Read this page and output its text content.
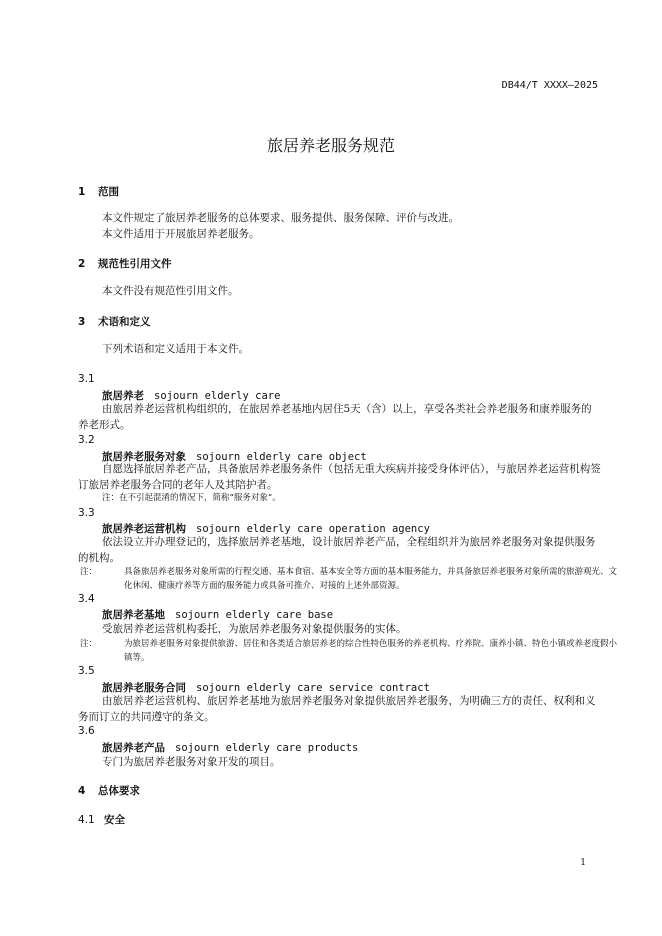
DB44/T XXXX—2025
旅居养老服务规范
1 范围
本文件规定了旅居养老服务的总体要求、服务提供、服务保障、评价与改进。
本文件适用于开展旅居养老服务。
2 规范性引用文件
本文件没有规范性引用文件。
3 术语和定义
下列术语和定义适用于本文件。
3.1
旅居养老 sojourn elderly care
由旅居养老运营机构组织的，在旅居养老基地内居住5天（含）以上，享受各类社会养老服务和康养服务的养老形式。
3.2
旅居养老服务对象 sojourn elderly care object
自愿选择旅居养老产品，具备旅居养老服务条件（包括无重大疾病并接受身体评估），与旅居养老运营机构签订旅居养老服务合同的老年人及其陪护者。
注：在不引起混淆的情况下，简称“服务对象”。
3.3
旅居养老运营机构 sojourn elderly care operation agency
依法设立并办理登记的，选择旅居养老基地，设计旅居养老产品，全程组织并为旅居养老服务对象提供服务的机构。
注：	具备旅居养老服务对象所需的行程交通、基本食宿、基本安全等方面的基本服务能力，并具备旅居养老服务对象所需的旅游观光、文化休闲、健康疗养等方面的服务能力或具备可推介、对接的上述外部资源。
3.4
旅居养老基地 sojourn elderly care base
受旅居养老运营机构委托，为旅居养老服务对象提供服务的实体。
注：	为旅居养老服务对象提供旅游、居住和各类适合旅居养老的综合性特色服务的养老机构、疗养院、康养小镇、特色小镇或养老度假小镇等。
3.5
旅居养老服务合同 sojourn elderly care service contract
由旅居养老运营机构、旅居养老基地为旅居养老服务对象提供旅居养老服务，为明确三方的责任、权利和义务而订立的共同遵守的条文。
3.6
旅居养老产品 sojourn elderly care products
专门为旅居养老服务对象开发的项目。
4 总体要求
4.1 安全
1
